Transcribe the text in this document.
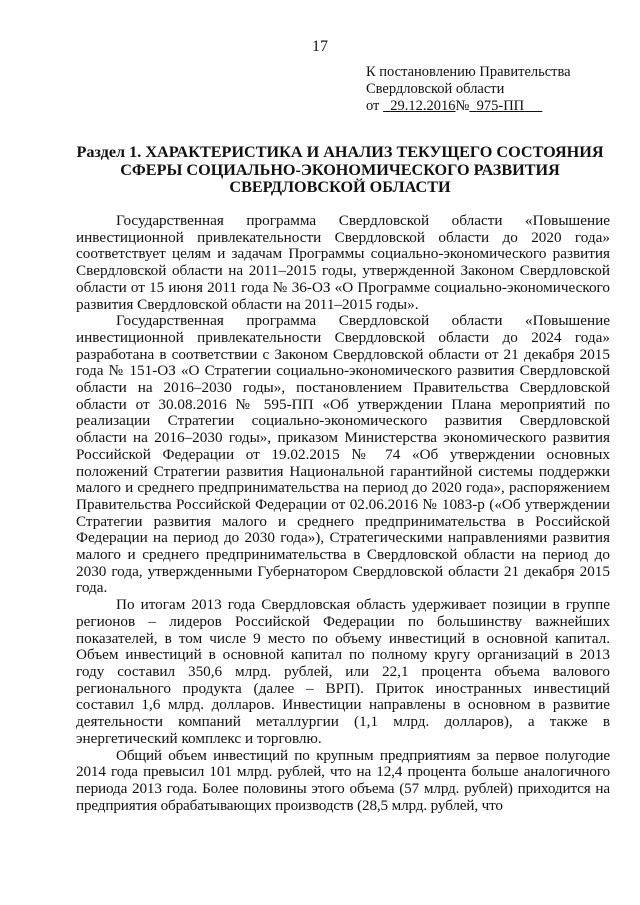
17
К постановлению Правительства
Свердловской области
от 29.12.2016№ 975-ПП
Раздел 1. ХАРАКТЕРИСТИКА И АНАЛИЗ ТЕКУЩЕГО СОСТОЯНИЯ СФЕРЫ СОЦИАЛЬНО-ЭКОНОМИЧЕСКОГО РАЗВИТИЯ СВЕРДЛОВСКОЙ ОБЛАСТИ

Государственная программа Свердловской области «Повышение инвестиционной привлекательности Свердловской области до 2020 года» соответствует целям и задачам Программы социально-экономического развития Свердловской области на 2011–2015 годы, утвержденной Законом Свердловской области от 15 июня 2011 года № 36-ОЗ «О Программе социально-экономического развития Свердловской области на 2011–2015 годы».

Государственная программа Свердловской области «Повышение инвестиционной привлекательности Свердловской области до 2024 года» разработана в соответствии с Законом Свердловской области от 21 декабря 2015 года № 151-ОЗ «О Стратегии социально-экономического развития Свердловской области на 2016–2030 годы», постановлением Правительства Свердловской области от 30.08.2016 № 595-ПП «Об утверждении Плана мероприятий по реализации Стратегии социально-экономического развития Свердловской области на 2016–2030 годы», приказом Министерства экономического развития Российской Федерации от 19.02.2015 № 74 «Об утверждении основных положений Стратегии развития Национальной гарантийной системы поддержки малого и среднего предпринимательства на период до 2020 года», распоряжением Правительства Российской Федерации от 02.06.2016 № 1083-р («Об утверждении Стратегии развития малого и среднего предпринимательства в Российской Федерации на период до 2030 года»), Стратегическими направлениями развития малого и среднего предпринимательства в Свердловской области на период до 2030 года, утвержденными Губернатором Свердловской области 21 декабря 2015 года.

По итогам 2013 года Свердловская область удерживает позиции в группе регионов – лидеров Российской Федерации по большинству важнейших показателей, в том числе 9 место по объему инвестиций в основной капитал. Объем инвестиций в основной капитал по полному кругу организаций в 2013 году составил 350,6 млрд. рублей, или 22,1 процента объема валового регионального продукта (далее – ВРП). Приток иностранных инвестиций составил 1,6 млрд. долларов. Инвестиции направлены в основном в развитие деятельности компаний металлургии (1,1 млрд. долларов), а также в энергетический комплекс и торговлю.

Общий объем инвестиций по крупным предприятиям за первое полугодие 2014 года превысил 101 млрд. рублей, что на 12,4 процента больше аналогичного периода 2013 года. Более половины этого объема (57 млрд. рублей) приходится на предприятия обрабатывающих производств (28,5 млрд. рублей, что
